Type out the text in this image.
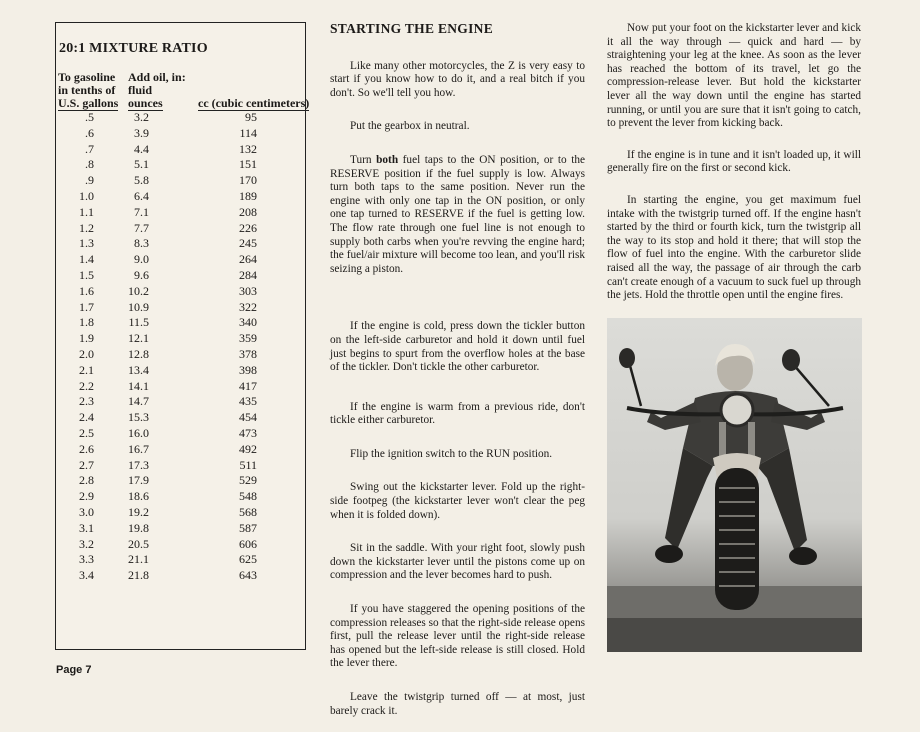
20:1 MIXTURE RATIO
To gasoline
in tenths of
U.S. gallons
Add oil, in:
fluid
ounces	cc (cubic centimeters)
.5	3.2	95
.6	3.9	114
.7	4.4	132
.8	5.1	151
.9	5.8	170
1.0	6.4	189
1.1	7.1	208
1.2	7.7	226
1.3	8.3	245
1.4	9.0	264
1.5	9.6	284
1.6	10.2	303
1.7	10.9	322
1.8	11.5	340
1.9	12.1	359
2.0	12.8	378
2.1	13.4	398
2.2	14.1	417
2.3	14.7	435
2.4	15.3	454
2.5	16.0	473
2.6	16.7	492
2.7	17.3	511
2.8	17.9	529
2.9	18.6	548
3.0	19.2	568
3.1	19.8	587
3.2	20.5	606
3.3	21.1	625
3.4	21.8	643
STARTING THE ENGINE

Like many other motorcycles, the Z is very easy to start if you know how to do it, and a real bitch if you don't. So we'll tell you how.

Put the gearbox in neutral.

Turn both fuel taps to the ON position, or to the RESERVE position if the fuel supply is low. Always turn both taps to the same position. Never run the engine with only one tap in the ON position, or only one tap turned to RESERVE if the fuel is getting low. The flow rate through one fuel line is not enough to supply both carbs when you're revving the engine hard; the fuel/air mixture will become too lean, and you'll risk seizing a piston.

If the engine is cold, press down the tickler button on the left-side carburetor and hold it down until fuel just begins to spurt from the overflow holes at the base of the tickler. Don't tickle the other carburetor.

If the engine is warm from a previous ride, don't tickle either carburetor.

Flip the ignition switch to the RUN position.

Swing out the kickstarter lever. Fold up the right-side footpeg (the kickstarter lever won't clear the peg when it is folded down).

Sit in the saddle. With your right foot, slowly push down the kickstarter lever until the pistons come up on compression and the lever becomes hard to push.

If you have staggered the opening positions of the compression releases so that the right-side release opens first, pull the release lever until the right-side release has opened but the left-side release is still closed. Hold the lever there.

Leave the twistgrip turned off — at most, just barely crack it.

Now put your foot on the kickstarter lever and kick it all the way through — quick and hard — by straightening your leg at the knee. As soon as the lever has reached the bottom of its travel, let go the compression-release lever. But hold the kickstarter lever all the way down until the engine has started running, or until you are sure that it isn't going to catch, to prevent the lever from kicking back.

If the engine is in tune and it isn't loaded up, it will generally fire on the first or second kick.

In starting the engine, you get maximum fuel intake with the twistgrip turned off. If the engine hasn't started by the third or fourth kick, turn the twistgrip all the way to its stop and hold it there; that will stop the flow of fuel into the engine. With the carburetor slide raised all the way, the passage of air through the carb can't create enough of a vacuum to suck fuel up through the jets. Hold the throttle open until the engine fires.

Page 7
